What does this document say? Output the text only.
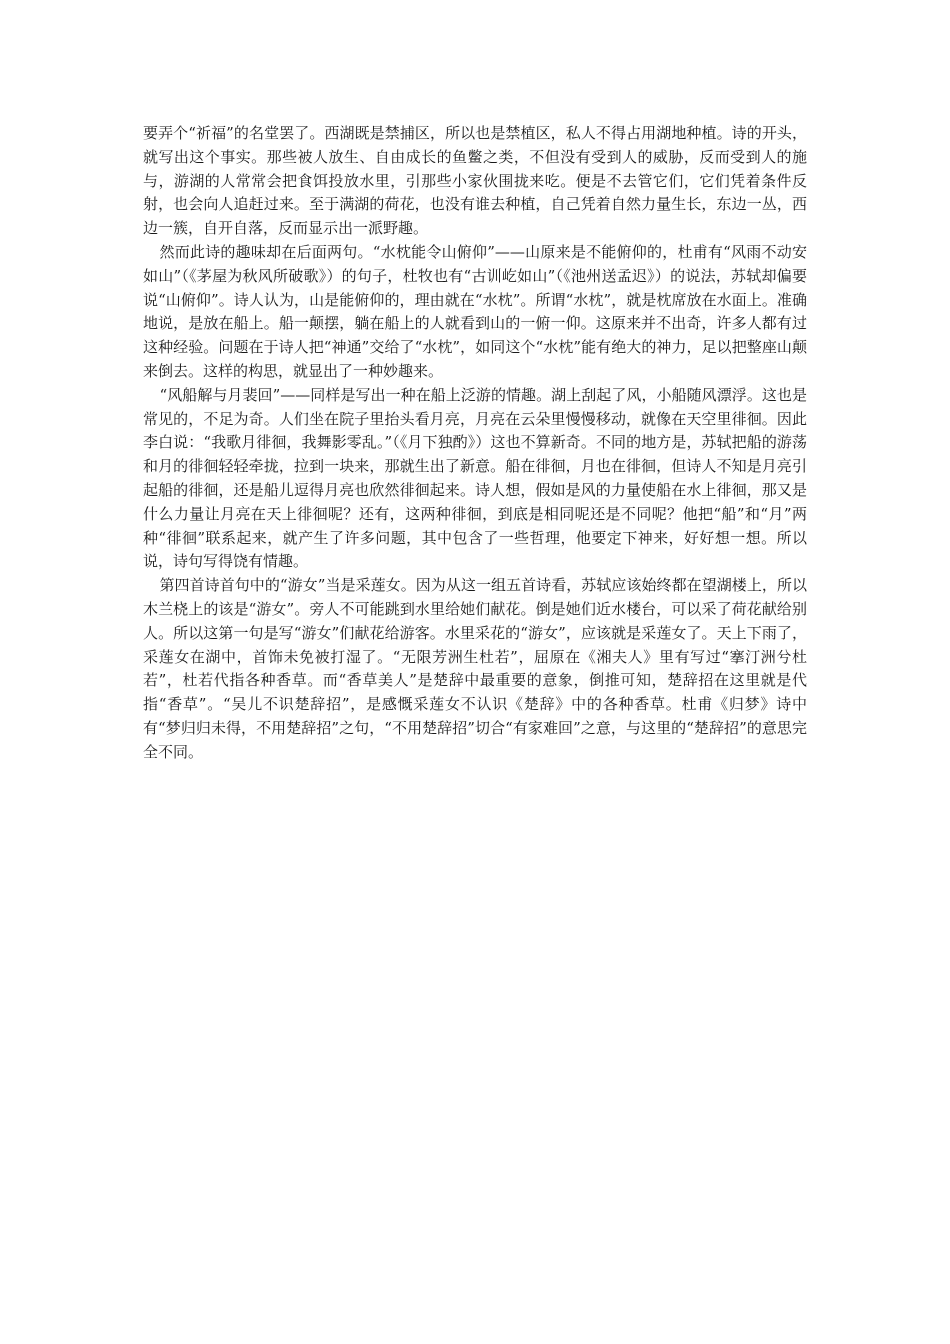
要弄个“祈福”的名堂罢了。西湖既是禁捕区，所以也是禁植区，私人不得占用湖地种植。诗的开头，就写出这个事实。那些被人放生、自由成长的鱼鳖之类，不但没有受到人的威胁，反而受到人的施与，游湖的人常常会把食饵投放水里，引那些小家伙围拢来吃。便是不去管它们，它们凭着条件反射，也会向人追赶过来。至于满湖的荷花，也没有谁去种植，自己凭着自然力量生长，东边一丛，西边一簇，自开自落，反而显示出一派野趣。

然而此诗的趣味却在后面两句。“水枕能令山俯仰”——山原来是不能俯仰的，杜甫有“风雨不动安如山”（《茅屋为秋风所破歌》）的句子，杜牧也有“古训屹如山”（《池州送孟迟》）的说法，苏轼却偏要说“山俯仰”。诗人认为，山是能俯仰的，理由就在“水枕”。所谓“水枕”，就是枕席放在水面上。准确地说，是放在船上。船一颠摆，躺在船上的人就看到山的一俯一仰。这原来并不出奇，许多人都有过这种经验。问题在于诗人把“神通”交给了“水枕”，如同这个“水枕”能有绝大的神力，足以把整座山颠来倒去。这样的构思，就显出了一种妙趣来。

“风船解与月裴回”——同样是写出一种在船上泛游的情趣。湖上刮起了风，小船随风漂浮。这也是常见的，不足为奇。人们坐在院子里抬头看月亮，月亮在云朵里慢慢移动，就像在天空里徘徊。因此李白说：“我歌月徘徊，我舞影零乱。”（《月下独酌》）这也不算新奇。不同的地方是，苏轼把船的游荡和月的徘徊轻轻牵拢，拉到一块来，那就生出了新意。船在徘徊，月也在徘徊，但诗人不知是月亮引起船的徘徊，还是船儿逗得月亮也欣然徘徊起来。诗人想，假如是风的力量使船在水上徘徊，那又是什么力量让月亮在天上徘徊呢？还有，这两种徘徊，到底是相同呢还是不同呢？他把“船”和“月”两种“徘徊”联系起来，就产生了许多问题，其中包含了一些哲理，他要定下神来，好好想一想。所以说，诗句写得饶有情趣。

第四首诗首句中的“游女”当是采莲女。因为从这一组五首诗看，苏轼应该始终都在望湖楼上，所以木兰桡上的该是“游女”。旁人不可能跳到水里给她们献花。倒是她们近水楼台，可以采了荷花献给别人。所以这第一句是写“游女”们献花给游客。水里采花的“游女”，应该就是采莲女了。天上下雨了，采莲女在湖中，首饰未免被打湿了。“无限芳洲生杜若”，屈原在《湘夫人》里有写过“搴汀洲兮杜若”，杜若代指各种香草。而“香草美人”是楚辞中最重要的意象，倒推可知，楚辞招在这里就是代指“香草”。“吴儿不识楚辞招”，是感慨采莲女不认识《楚辞》中的各种香草。杜甫《归梦》诗中有“梦归归未得，不用楚辞招”之句，“不用楚辞招”切合“有家难回”之意，与这里的“楚辞招”的意思完全不同。
